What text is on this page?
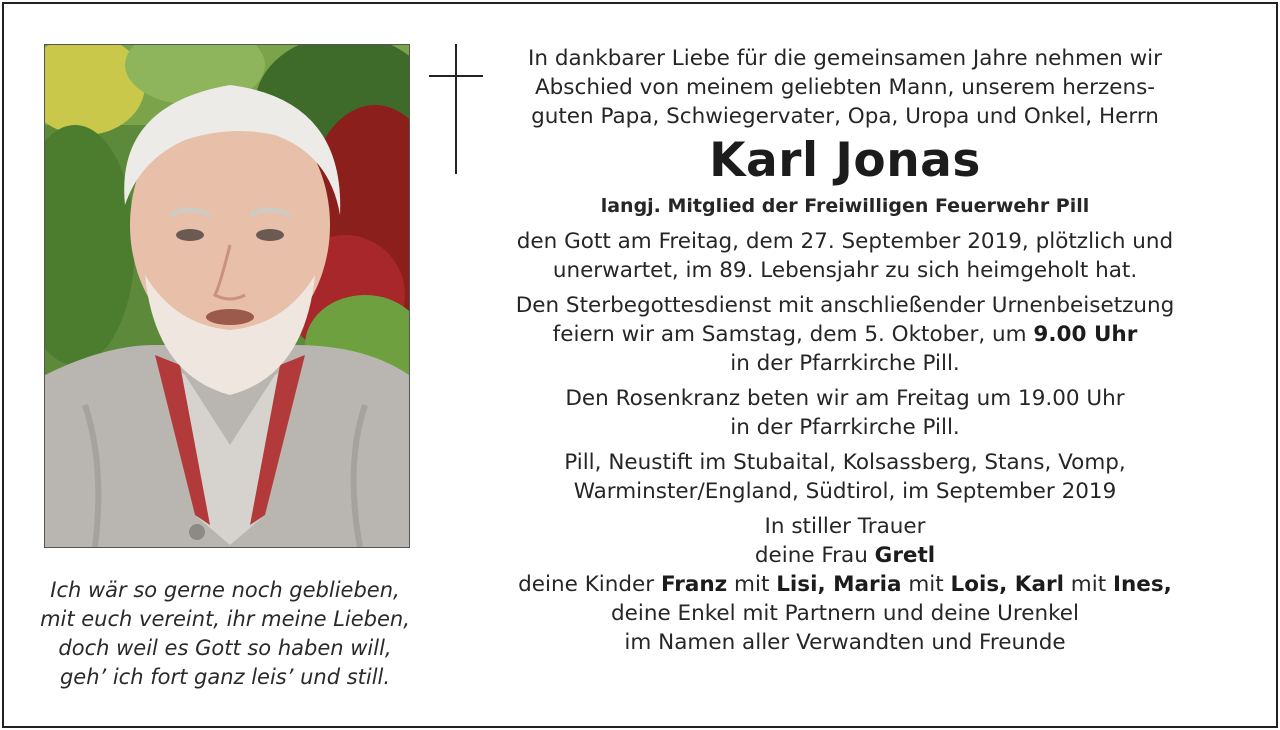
Ich wär so gerne noch geblieben,
mit euch vereint, ihr meine Lieben,
doch weil es Gott so haben will,
geh’ ich fort ganz leis’ und still.
In dankbarer Liebe für die gemeinsamen Jahre nehmen wir
Abschied von meinem geliebten Mann, unserem herzens-
guten Papa, Schwiegervater, Opa, Uropa und Onkel, Herrn
Karl Jonas
langj. Mitglied der Freiwilligen Feuerwehr Pill
den Gott am Freitag, dem 27. September 2019, plötzlich und
unerwartet, im 89. Lebensjahr zu sich heimgeholt hat.
Den Sterbegottesdienst mit anschließender Urnenbeisetzung
feiern wir am Samstag, dem 5. Oktober, um 9.00 Uhr
in der Pfarrkirche Pill.
Den Rosenkranz beten wir am Freitag um 19.00 Uhr
in der Pfarrkirche Pill.
Pill, Neustift im Stubaital, Kolsassberg, Stans, Vomp,
Warminster/England, Südtirol, im September 2019
In stiller Trauer
deine Frau Gretl
deine Kinder Franz mit Lisi, Maria mit Lois, Karl mit Ines,
deine Enkel mit Partnern und deine Urenkel
im Namen aller Verwandten und Freunde
